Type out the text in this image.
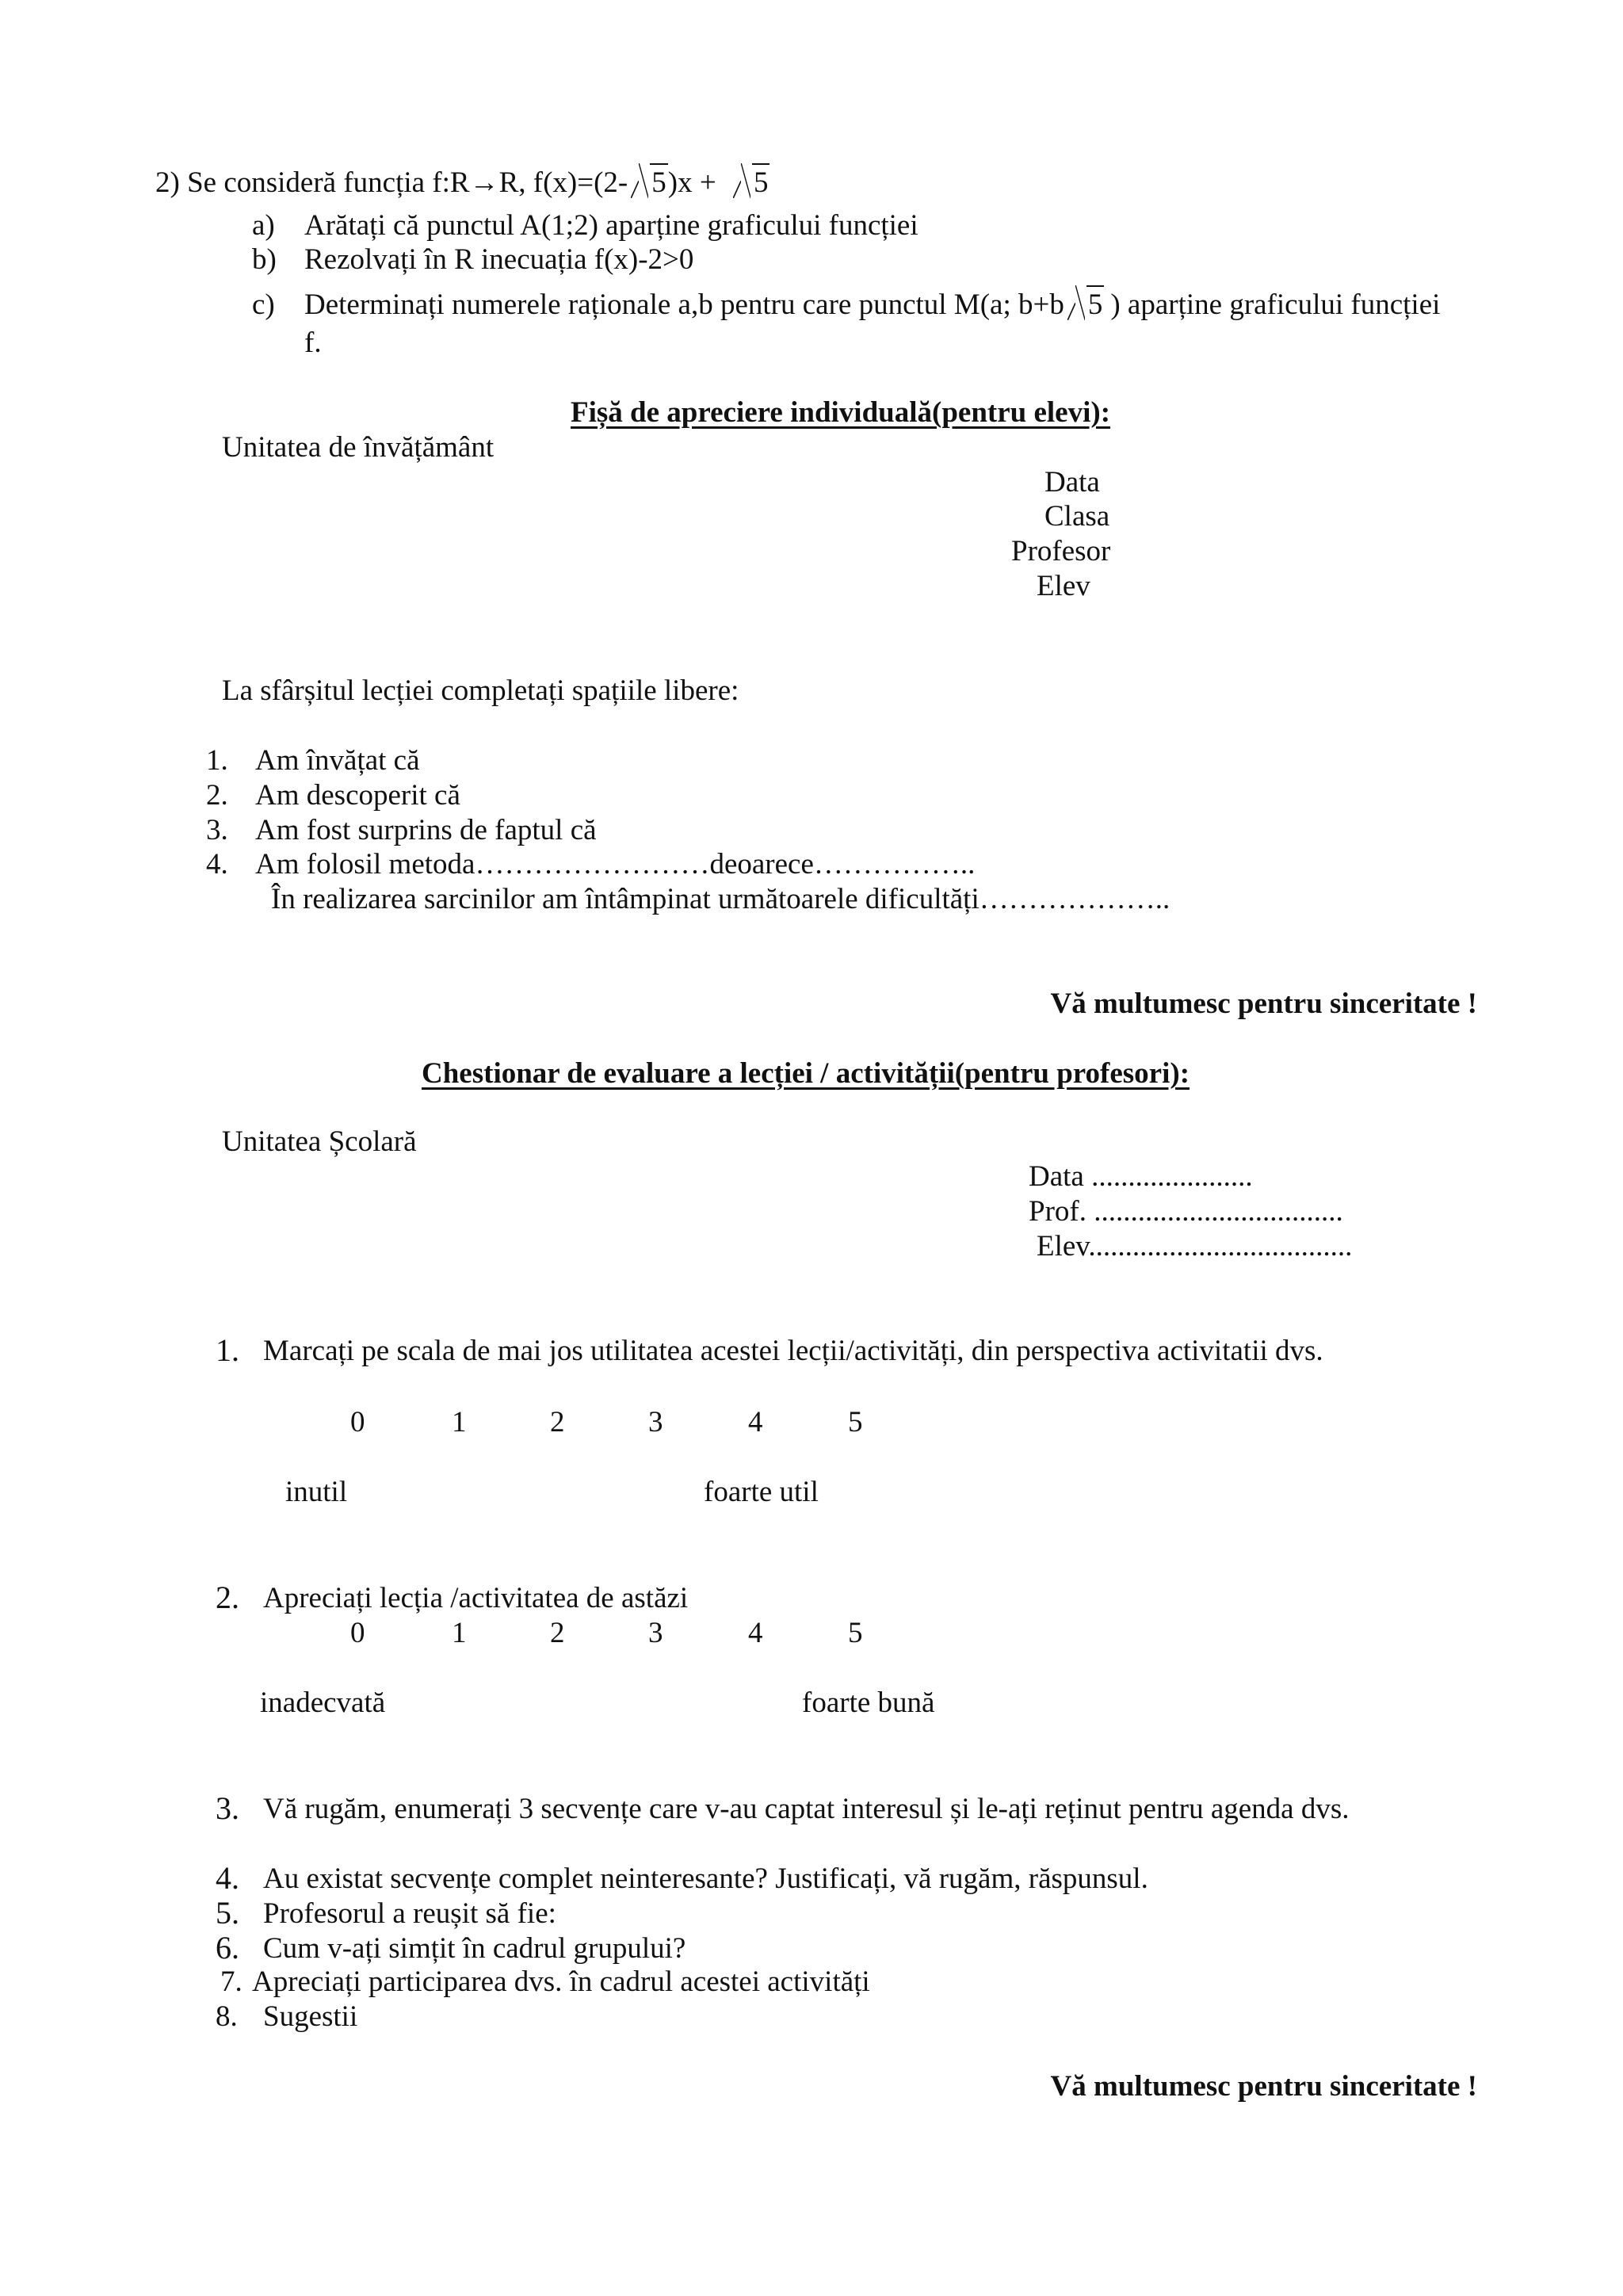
2) Se consideră funcția f:R→R, f(x)=(2- 5)x + 5
a) Arătați că punctul A(1;2) aparține graficului funcției
b) Rezolvați în R inecuația f(x)-2>0
c) Determinați numerele raționale a,b pentru care punctul M(a; b+b 5 ) aparține graficului funcției
f.
Fișă de apreciere individuală(pentru elevi):
Unitatea de învățământ
Data
Clasa
Profesor
Elev
La sfârșitul lecției completați spațiile libere:
1. Am învățat că
2. Am descoperit că
3. Am fost surprins de faptul că
4. Am folosil metoda……………………deoarece……………..
În realizarea sarcinilor am întâmpinat următoarele dificultăți………………..
Vă multumesc pentru sinceritate !
Chestionar de evaluare a lecției / activității(pentru profesori):
Unitatea Școlară
Data ......................
Prof. ..................................
Elev....................................
1. Marcați pe scala de mai jos utilitatea acestei lecții/activități, din perspectiva activitatii dvs.
0	1	2	3	4	5
inutil	foarte util
2. Apreciați lecția /activitatea de astăzi
0	1	2	3	4	5
inadecvată	foarte bună
3. Vă rugăm, enumerați 3 secvențe care v-au captat interesul și le-ați reținut pentru agenda dvs.
4. Au existat secvențe complet neinteresante? Justificați, vă rugăm, răspunsul.
5. Profesorul a reușit să fie:
6. Cum v-ați simțit în cadrul grupului?
7. Apreciați participarea dvs. în cadrul acestei activități
8. Sugestii
Vă multumesc pentru sinceritate !
